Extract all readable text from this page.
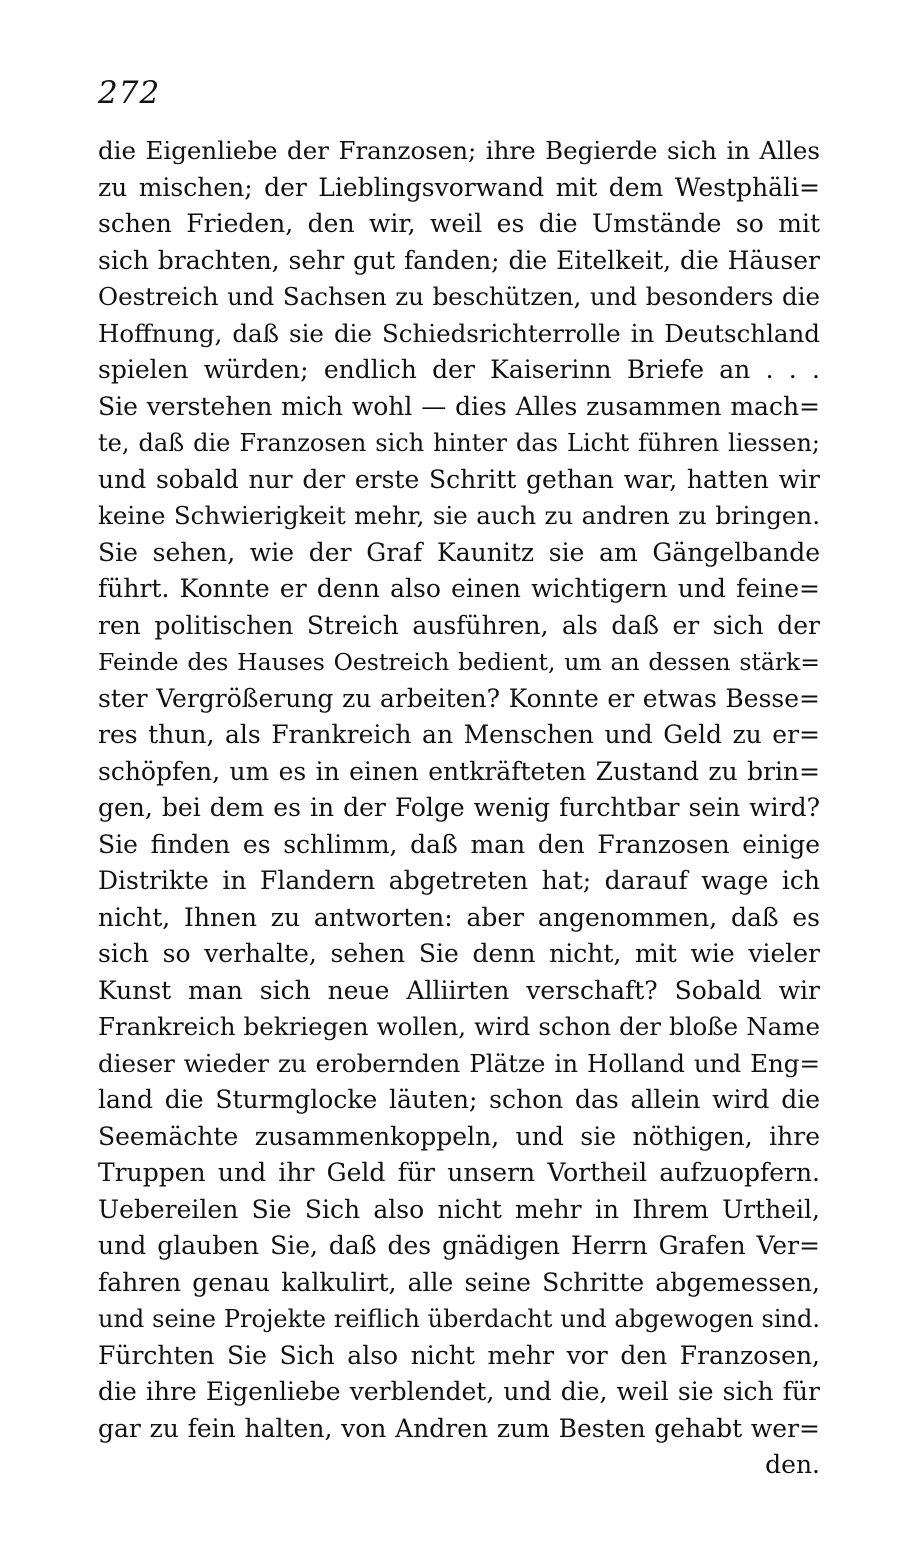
272
die Eigenliebe der Franzosen; ihre Begierde sich in Alles
zu mischen; der Lieblingsvorwand mit dem Westphäli=
schen Frieden, den wir, weil es die Umstände so mit
sich brachten, sehr gut fanden; die Eitelkeit, die Häuser
Oestreich und Sachsen zu beschützen, und besonders die
Hoffnung, daß sie die Schiedsrichterrolle in Deutschland
spielen würden; endlich der Kaiserinn Briefe an . . .
Sie verstehen mich wohl — dies Alles zusammen mach=
te, daß die Franzosen sich hinter das Licht führen liessen;
und sobald nur der erste Schritt gethan war, hatten wir
keine Schwierigkeit mehr, sie auch zu andren zu bringen.
Sie sehen, wie der Graf Kaunitz sie am Gängelbande
führt. Konnte er denn also einen wichtigern und feine=
ren politischen Streich ausführen, als daß er sich der
Feinde des Hauses Oestreich bedient, um an dessen stärk=
ster Vergrößerung zu arbeiten? Konnte er etwas Besse=
res thun, als Frankreich an Menschen und Geld zu er=
schöpfen, um es in einen entkräfteten Zustand zu brin=
gen, bei dem es in der Folge wenig furchtbar sein wird?
Sie finden es schlimm, daß man den Franzosen einige
Distrikte in Flandern abgetreten hat; darauf wage ich
nicht, Ihnen zu antworten: aber angenommen, daß es
sich so verhalte, sehen Sie denn nicht, mit wie vieler
Kunst man sich neue Alliirten verschaft? Sobald wir
Frankreich bekriegen wollen, wird schon der bloße Name
dieser wieder zu erobernden Plätze in Holland und Eng=
land die Sturmglocke läuten; schon das allein wird die
Seemächte zusammenkoppeln, und sie nöthigen, ihre
Truppen und ihr Geld für unsern Vortheil aufzuopfern.
Uebereilen Sie Sich also nicht mehr in Ihrem Urtheil,
und glauben Sie, daß des gnädigen Herrn Grafen Ver=
fahren genau kalkulirt, alle seine Schritte abgemessen,
und seine Projekte reiflich überdacht und abgewogen sind.
Fürchten Sie Sich also nicht mehr vor den Franzosen,
die ihre Eigenliebe verblendet, und die, weil sie sich für
gar zu fein halten, von Andren zum Besten gehabt wer=
den.
